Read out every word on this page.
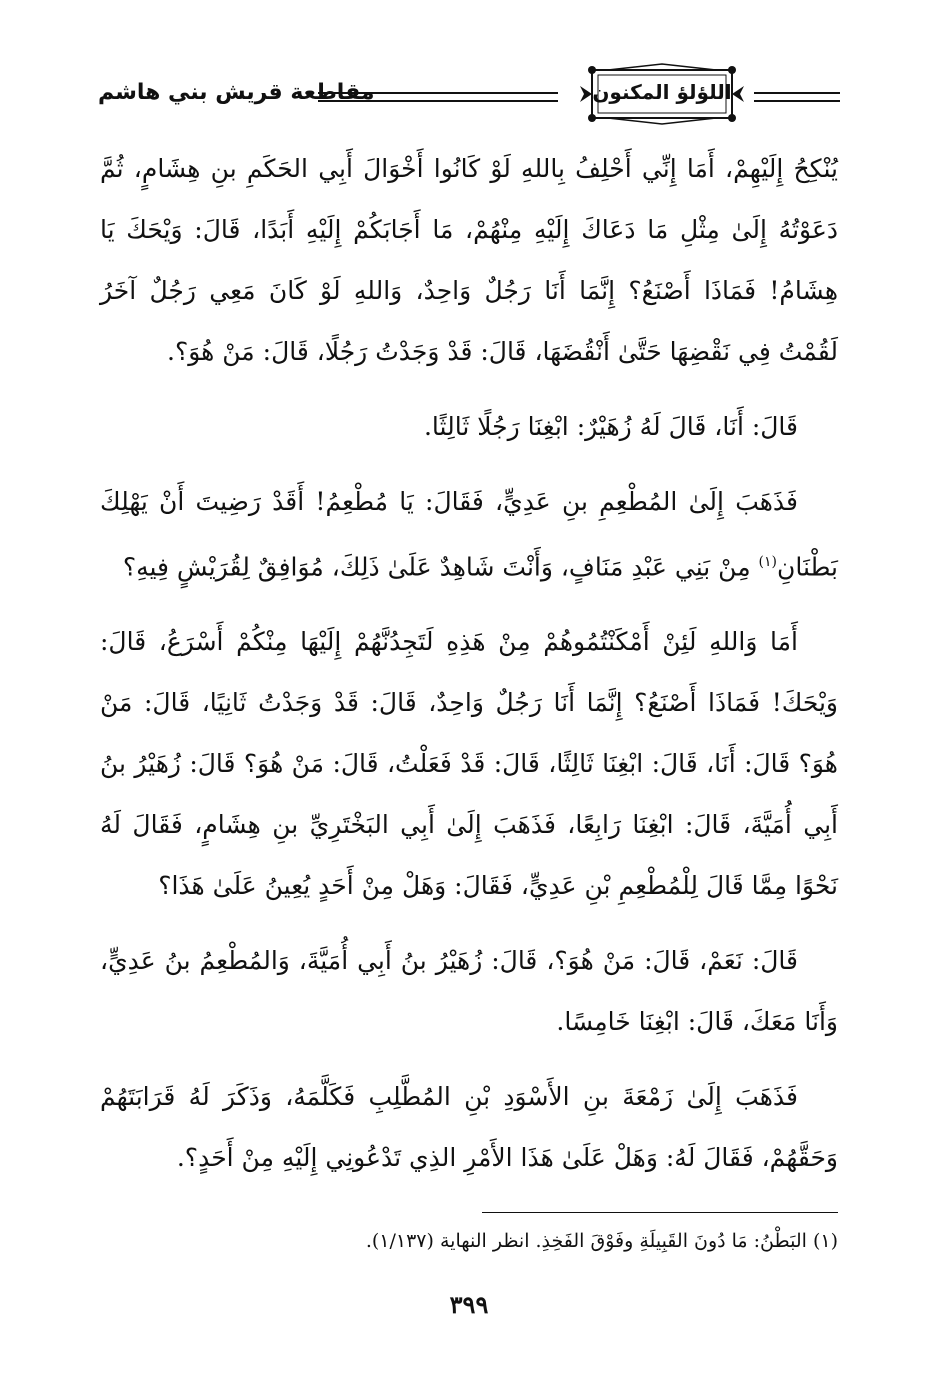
اللؤلؤ المكنون
مقاطعة قريش بني هاشم

يُنْكِحُ إِلَيْهِمْ، أَمَا إِنِّي أَحْلِفُ بِاللهِ لَوْ كَانُوا أَخْوَالَ أَبِي الحَكَمِ بنِ هِشَامٍ، ثُمَّ دَعَوْتُهُ إِلَىٰ مِثْلِ مَا دَعَاكَ إِلَيْهِ مِنْهُمْ، مَا أَجَابَكُمْ إِلَيْهِ أَبَدًا، قَالَ: وَيْحَكَ يَا هِشَامُ! فَمَاذَا أَصْنَعُ؟ إِنَّمَا أَنَا رَجُلٌ وَاحِدٌ، وَاللهِ لَوْ كَانَ مَعِي رَجُلٌ آخَرُ لَقُمْتُ فِي نَقْضِهَا حَتَّىٰ أَنْقُضَهَا، قَالَ: قَدْ وَجَدْتُ رَجُلًا، قَالَ: مَنْ هُوَ؟.

قَالَ: أَنَا، قَالَ لَهُ زُهَيْرٌ: ابْغِنَا رَجُلًا ثَالِثًا.

فَذَهَبَ إِلَىٰ المُطْعِمِ بنِ عَدِيٍّ، فَقَالَ: يَا مُطْعِمُ! أَقَدْ رَضِيتَ أَنْ يَهْلِكَ بَطْنَانِ$^{(١)}$ مِنْ بَنِي عَبْدِ مَنَافٍ، وَأَنْتَ شَاهِدٌ عَلَىٰ ذَلِكَ، مُوَافِقٌ لِقُرَيْشٍ فِيهِ؟

أَمَا وَاللهِ لَئِنْ أَمْكَنْتُمُوهُمْ مِنْ هَذِهِ لَتَجِدُنَّهُمْ إِلَيْهَا مِنْكُمْ أَسْرَعُ، قَالَ: وَيْحَكَ! فَمَاذَا أَصْنَعُ؟ إِنَّمَا أَنَا رَجُلٌ وَاحِدٌ، قَالَ: قَدْ وَجَدْتُ ثَانِيًا، قَالَ: مَنْ هُوَ؟ قَالَ: أَنَا، قَالَ: ابْغِنَا ثَالِثًا، قَالَ: قَدْ فَعَلْتُ، قَالَ: مَنْ هُوَ؟ قَالَ: زُهَيْرُ بنُ أَبِي أُمَيَّةَ، قَالَ: ابْغِنَا رَابِعًا، فَذَهَبَ إِلَىٰ أَبِي البَخْتَرِيِّ بنِ هِشَامٍ، فَقَالَ لَهُ نَحْوًا مِمَّا قَالَ لِلْمُطْعِمِ بْنِ عَدِيٍّ، فَقَالَ: وَهَلْ مِنْ أَحَدٍ يُعِينُ عَلَىٰ هَذَا؟

قَالَ: نَعَمْ، قَالَ: مَنْ هُوَ؟، قَالَ: زُهَيْرُ بنُ أَبِي أُمَيَّةَ، وَالمُطْعِمُ بنُ عَدِيٍّ، وَأَنَا مَعَكَ، قَالَ: ابْغِنَا خَامِسًا.

فَذَهَبَ إِلَىٰ زَمْعَةَ بنِ الأَسْوَدِ بْنِ المُطَّلِبِ فَكَلَّمَهُ، وَذَكَرَ لَهُ قَرَابَتَهُمْ وَحَقَّهُمْ، فَقَالَ لَهُ: وَهَلْ عَلَىٰ هَذَا الأَمْرِ الذِي تَدْعُونِي إِلَيْهِ مِنْ أَحَدٍ؟.

(١) البَطْنُ: مَا دُونَ القَبِيلَةِ وفَوْقَ الفَخِذِ. انظر النهاية (١/١٣٧).
٣٩٩
